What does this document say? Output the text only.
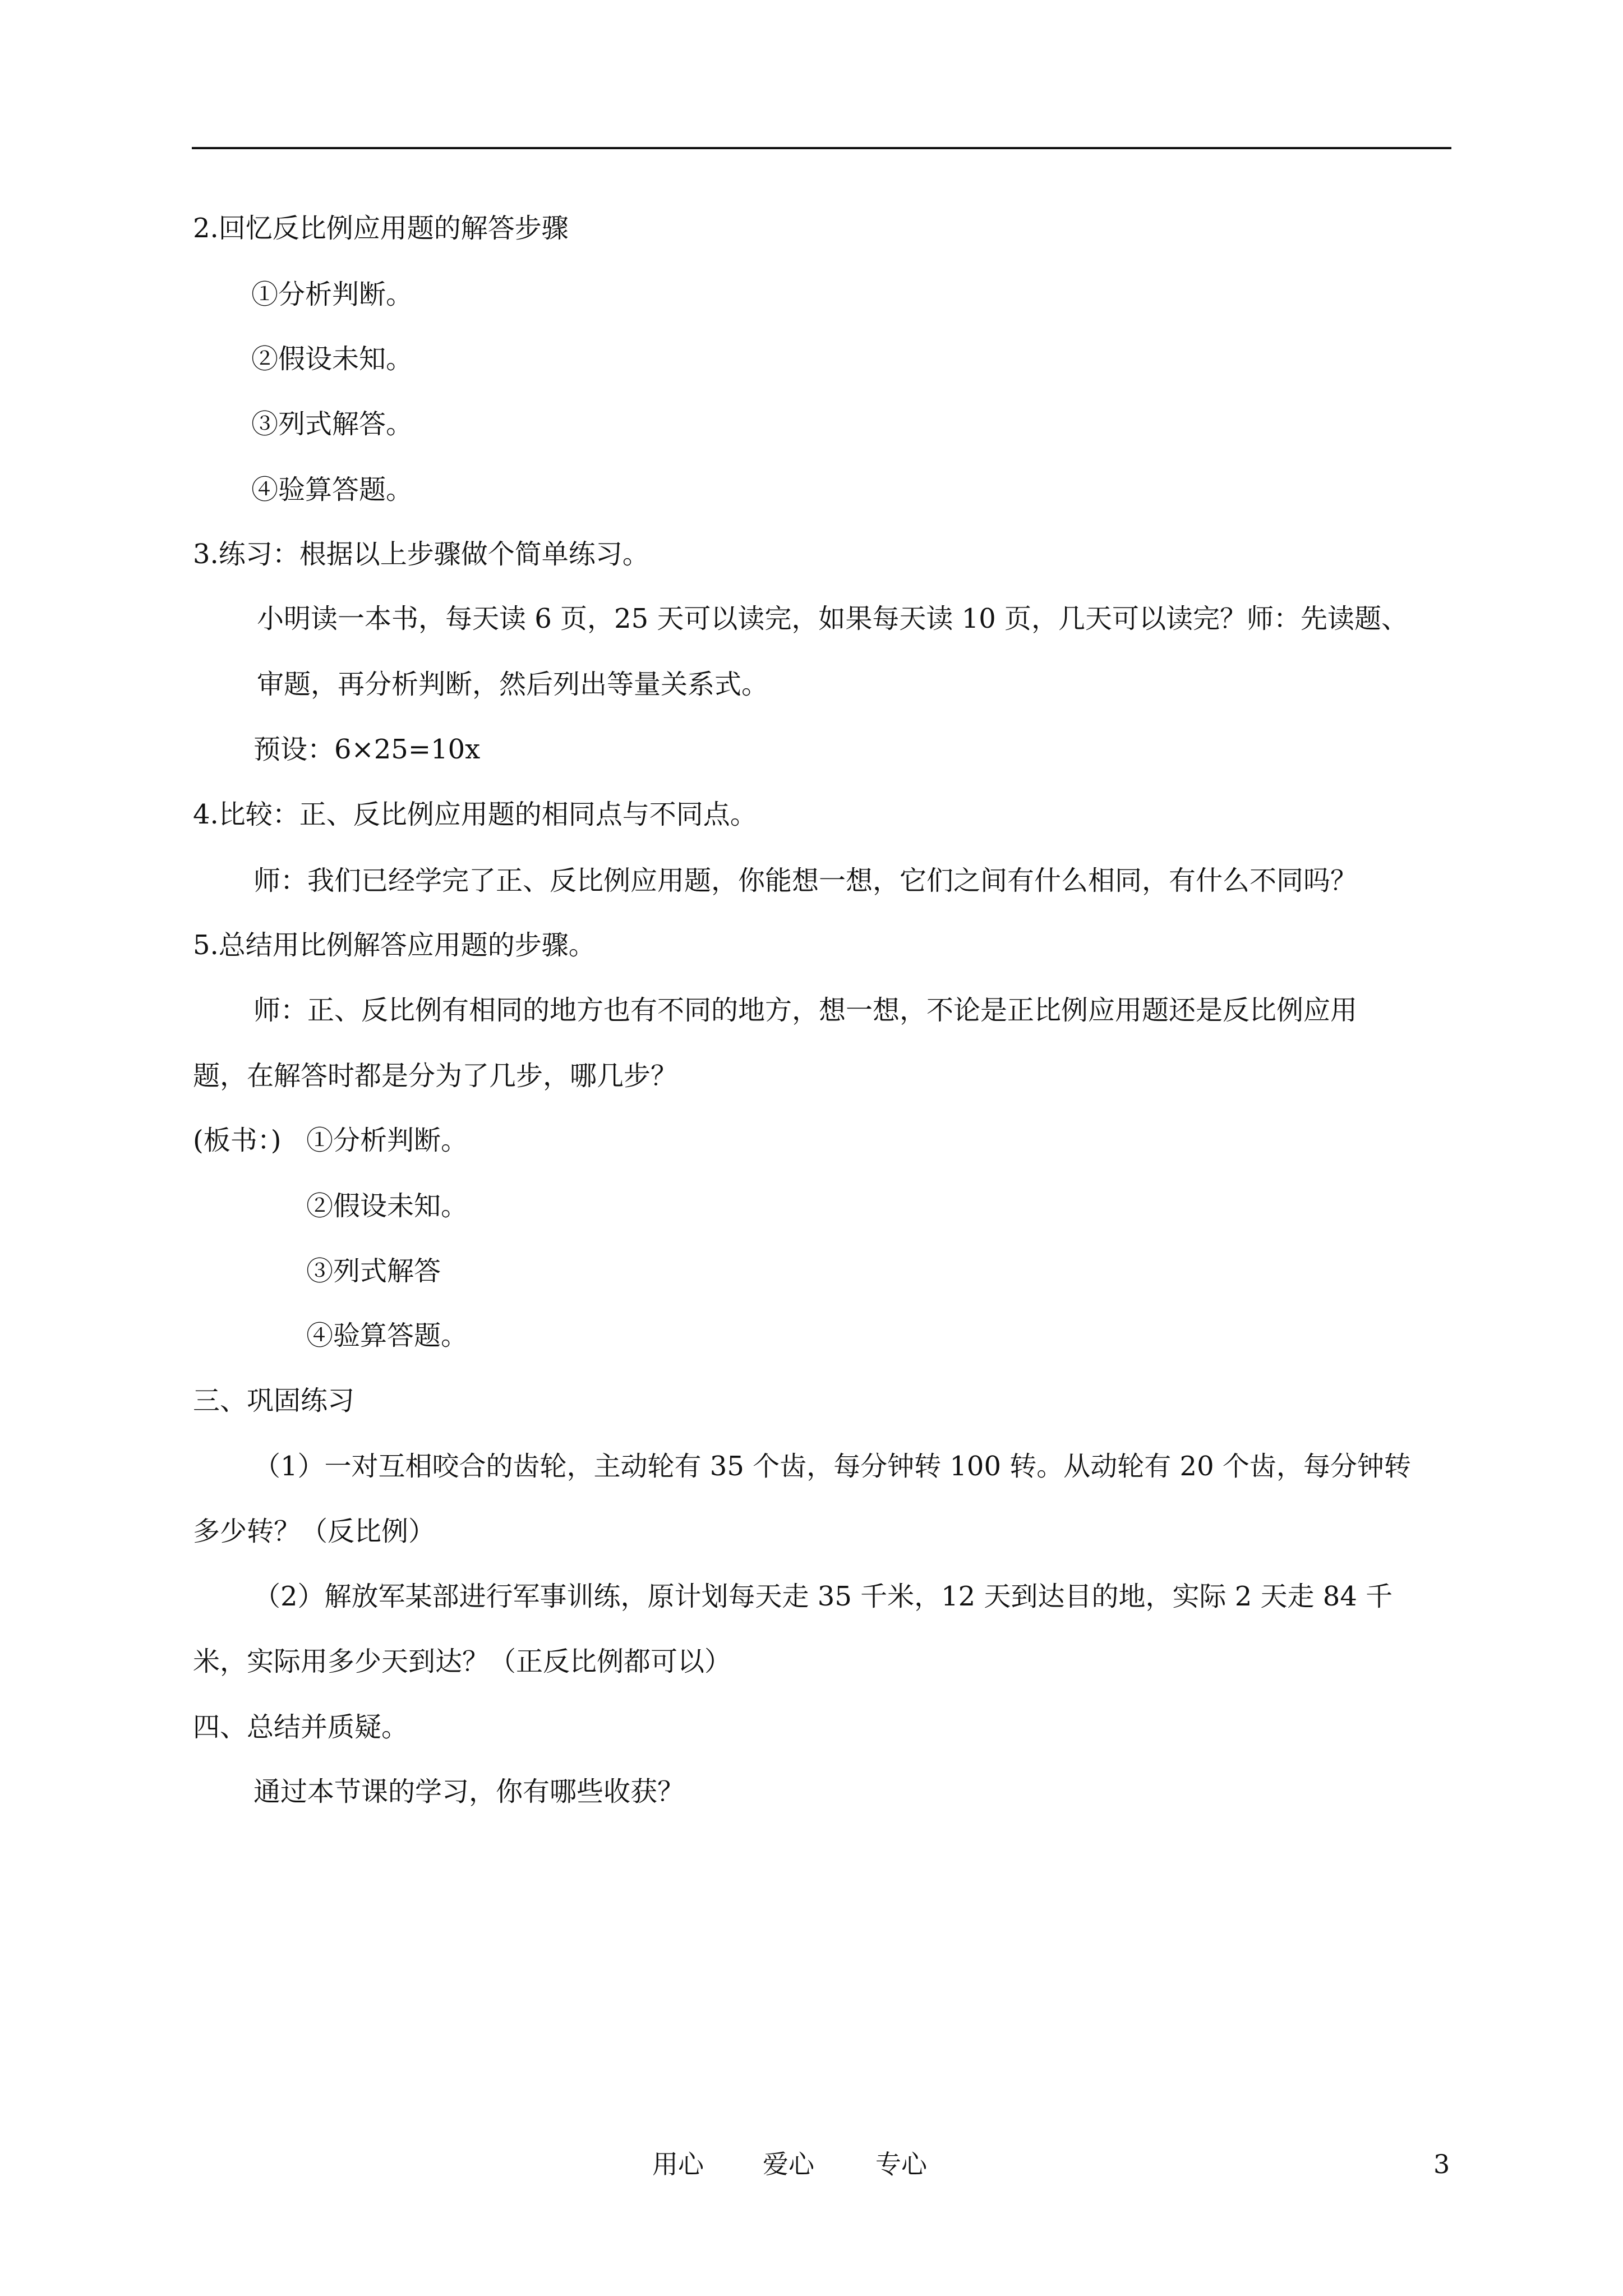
2.回忆反比例应用题的解答步骤
①分析判断。
②假设未知。
③列式解答。
④验算答题。
3.练习：根据以上步骤做个简单练习。
小明读一本书，每天读 6 页，25 天可以读完，如果每天读 10 页，几天可以读完？师：先读题、
审题，再分析判断，然后列出等量关系式。
预设：6×25=10x
4.比较：正、反比例应用题的相同点与不同点。
师：我们已经学完了正、反比例应用题，你能想一想，它们之间有什么相同，有什么不同吗？
5.总结用比例解答应用题的步骤。
师：正、反比例有相同的地方也有不同的地方，想一想，不论是正比例应用题还是反比例应用
题，在解答时都是分为了几步，哪几步？
(板书：) ①分析判断。
②假设未知。
③列式解答
④验算答题。
三、巩固练习
（1）一对互相咬合的齿轮，主动轮有 35 个齿，每分钟转 100 转。从动轮有 20 个齿，每分钟转
多少转？（反比例）
（2）解放军某部进行军事训练，原计划每天走 35 千米，12 天到达目的地，实际 2 天走 84 千
米，实际用多少天到达？（正反比例都可以）
四、总结并质疑。
通过本节课的学习，你有哪些收获？
用心 爱心 专心	3
